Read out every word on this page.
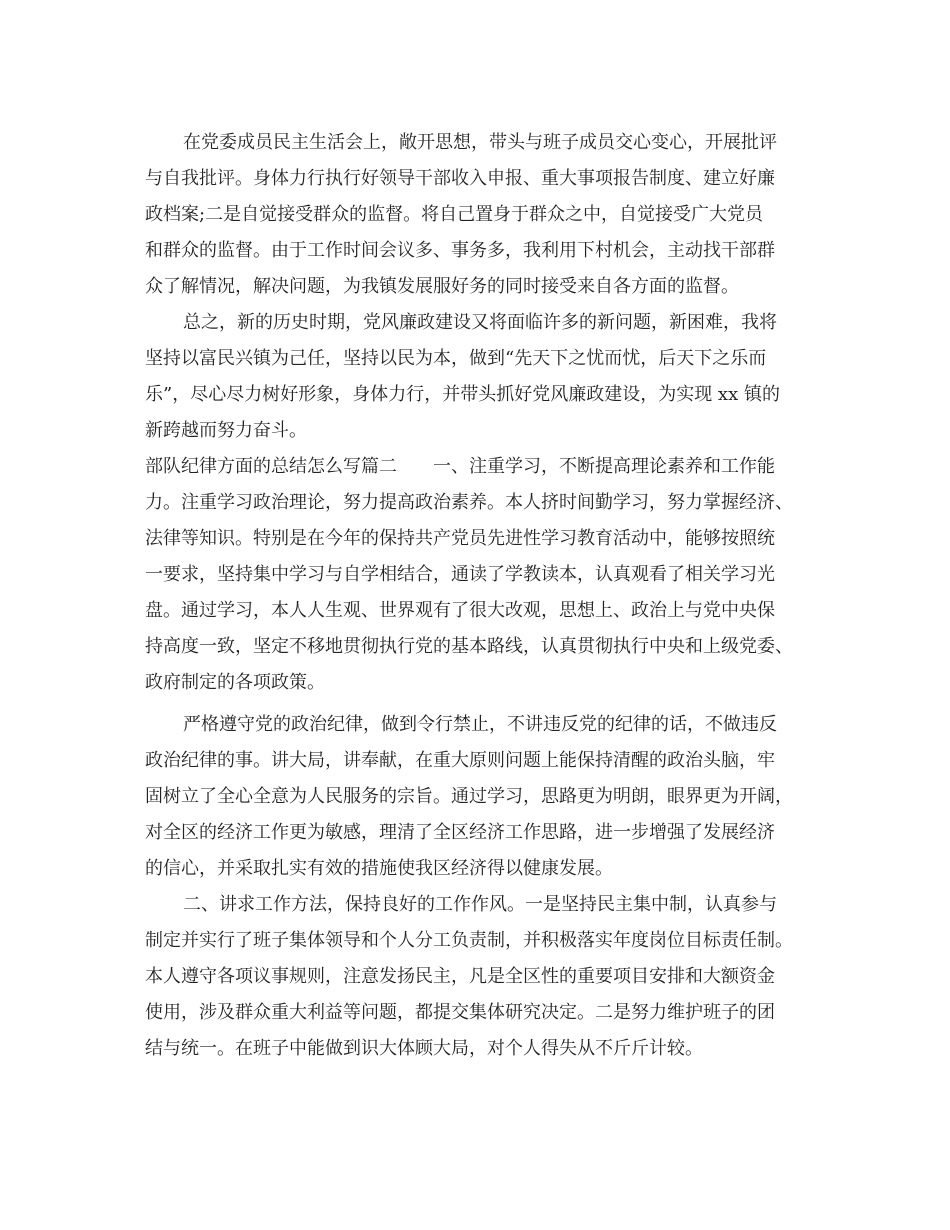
在党委成员民主生活会上，敞开思想，带头与班子成员交心变心，开展批评
与自我批评。身体力行执行好领导干部收入申报、重大事项报告制度、建立好廉
政档案;二是自觉接受群众的监督。将自己置身于群众之中，自觉接受广大党员
和群众的监督。由于工作时间会议多、事务多，我利用下村机会，主动找干部群
众了解情况，解决问题，为我镇发展服好务的同时接受来自各方面的监督。
总之，新的历史时期，党风廉政建设又将面临许多的新问题，新困难，我将
坚持以富民兴镇为己任，坚持以民为本，做到“先天下之忧而忧，后天下之乐而
乐”，尽心尽力树好形象，身体力行，并带头抓好党风廉政建设，为实现 xx 镇的
新跨越而努力奋斗。
部队纪律方面的总结怎么写篇二　　一、注重学习，不断提高理论素养和工作能
力。注重学习政治理论，努力提高政治素养。本人挤时间勤学习，努力掌握经济、
法律等知识。特别是在今年的保持共产党员先进性学习教育活动中，能够按照统
一要求，坚持集中学习与自学相结合，通读了学教读本，认真观看了相关学习光
盘。通过学习，本人人生观、世界观有了很大改观，思想上、政治上与党中央保
持高度一致，坚定不移地贯彻执行党的基本路线，认真贯彻执行中央和上级党委、
政府制定的各项政策。
严格遵守党的政治纪律，做到令行禁止，不讲违反党的纪律的话，不做违反
政治纪律的事。讲大局，讲奉献，在重大原则问题上能保持清醒的政治头脑，牢
固树立了全心全意为人民服务的宗旨。通过学习，思路更为明朗，眼界更为开阔，
对全区的经济工作更为敏感，理清了全区经济工作思路，进一步增强了发展经济
的信心，并采取扎实有效的措施使我区经济得以健康发展。
二、讲求工作方法，保持良好的工作作风。一是坚持民主集中制，认真参与
制定并实行了班子集体领导和个人分工负责制，并积极落实年度岗位目标责任制。
本人遵守各项议事规则，注意发扬民主，凡是全区性的重要项目安排和大额资金
使用，涉及群众重大利益等问题，都提交集体研究决定。二是努力维护班子的团
结与统一。在班子中能做到识大体顾大局，对个人得失从不斤斤计较。
